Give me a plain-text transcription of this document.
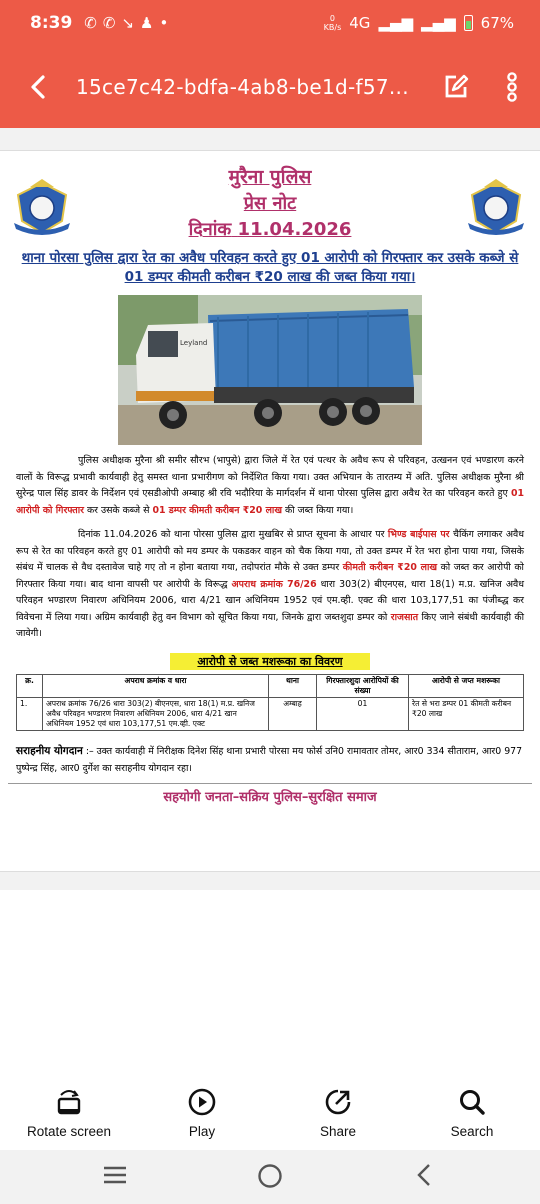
8:39 ✆ ✆ ↘ ♟ •	0
KB/s 4G ▂▄▆ ▂▄▆ 67%
15ce7c42-bdfa-4ab8-be1d-f57...
मुरैना पुलिस
प्रेस नोट
दिनांक 11.04.2026
थाना पोरसा पुलिस द्वारा रेत का अवैध परिवहन करते हुए 01 आरोपी को गिरफ्तार कर उसके कब्जे से 01 डम्पर कीमती करीबन ₹20 लाख की जब्त किया गया।
Leyland
पुलिस अधीक्षक मुरैना श्री समीर सौरभ (भापुसे) द्वारा जिले में रेत एवं पत्थर के अवैध रूप से परिवहन, उत्खनन एवं भण्डारण करने वालों के विरूद्ध प्रभावी कार्यवाही हेतु समस्त थाना प्रभारीगण को निर्देशित किया गया। उक्त अभियान के तारतम्य में अति. पुलिस अधीक्षक मुरैना श्री सुरेन्द्र पाल सिंह डावर के निर्देशन एवं एसडीओपी अम्बाह श्री रवि भदौरिया के मार्गदर्शन में थाना पोरसा पुलिस द्वारा अवैध रेत का परिवहन करते हुए 01 आरोपी को गिरफ्तार कर उसके कब्जे से 01 डम्पर कीमती करीबन ₹20 लाख की जब्त किया गया।
दिनांक 11.04.2026 को थाना पोरसा पुलिस द्वारा मुखबिर से प्राप्त सूचना के आधार पर भिण्ड बाईपास पर चैकिंग लगाकर अवैध रूप से रेत का परिवहन करते हुए 01 आरोपी को मय डम्पर के पकडकर वाहन को चैक किया गया, तो उक्त डम्पर में रेत भरा होना पाया गया, जिसके संबंध में चालक से वैध दस्तावेज चाहे गए तो न होना बताया गया, तदोपरांत मौके से उक्त डम्पर कीमती करीबन ₹20 लाख को जब्त कर आरोपी को गिरफ्तार किया गया। बाद थाना वापसी पर आरोपी के विरूद्ध अपराध क्रमांक 76/26 धारा 303(2) बीएनएस, धारा 18(1) म.प्र. खनिज अवैध परिवहन भण्डारण निवारण अधिनियम 2006, धारा 4/21 खान अधिनियम 1952 एवं एम.व्ही. एक्ट की धारा 103,177,51 का पंजीब्द्ध कर विवेचना में लिया गया। अग्रिम कार्यवाही हेतु वन विभाग को सूचित किया गया, जिनके द्वारा जब्तशुदा डम्पर को राजसात किए जाने संबंधी कार्यवाही की जावेगी।
आरोपी से जब्त मशरूका का विवरण
क्र.	अपराध क्रमांक व धारा	थाना	गिरफ्तारशुदा आरोपियों की संख्या	आरोपी से जप्त मशरूका
1.	अपराध क्रमांक 76/26 धारा 303(2) बीएनएस, धारा 18(1) म.प्र. खनिज अवैध परिवहन भण्डारण निवारण अधिनियम 2006, धारा 4/21 खान अधिनियम 1952 एवं धारा 103,177,51 एम.व्ही. एक्ट	अम्बाह	01	रेत से भरा डम्पर 01 कीमती करीबन ₹20 लाख
सराहनीय योगदान :– उक्त कार्यवाही में निरीक्षक दिनेश सिंह थाना प्रभारी पोरसा मय फोर्स उनि0 रामावतार तोमर, आर0 334 सीताराम, आर0 977 पुष्पेन्द्र सिंह, आर0 दुर्गेश का सराहनीय योगदान रहा।
सहयोगी जनता–सक्रिय पुलिस–सुरक्षित समाज
Rotate screen	Play	Share	Search
